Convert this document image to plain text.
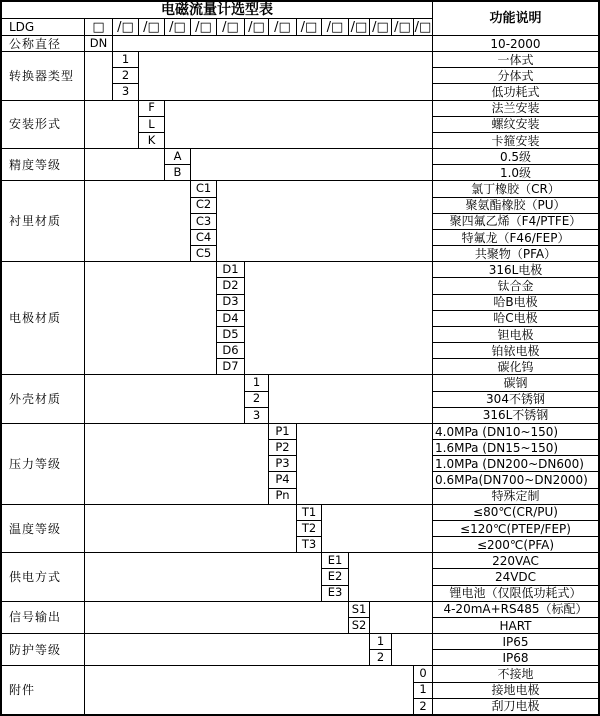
电磁流量计选型表
功能说明
LDG	□ /□ /□ /□ /□ /□ /□ /□ /□ /□ /□ /□ /□ /□
公称直径	DN	10-2000
转换器类型
1	一体式
2	分体式
3	低功耗式
安装形式
F	法兰安装
L	螺纹安装
K	卡箍安装
精度等级
A	0.5级
B	1.0级
衬里材质
C1	氯丁橡胶（CR）
C2	聚氨酯橡胶（PU）
C3	聚四氟乙烯（F4/PTFE）
C4	特氟龙（F46/FEP）
C5	共聚物（PFA）
电极材质
D1	316L电极
D2	钛合金
D3	哈B电极
D4	哈C电极
D5	钽电极
D6	铂铱电极
D7	碳化钨
外壳材质
1	碳钢
2	304不锈钢
3	316L不锈钢
压力等级
P1	4.0MPa (DN10~150)
P2	1.6MPa (DN15~150)
P3	1.0MPa (DN200~DN600)
P4	0.6MPa(DN700~DN2000)
Pn	特殊定制
温度等级
T1	≤80℃(CR/PU)
T2	≤120℃(PTEP/FEP)
T3	≤200℃(PFA)
供电方式
E1	220VAC
E2	24VDC
E3	锂电池（仅限低功耗式）
信号输出
S1	4-20mA+RS485（标配）
S2	HART
防护等级
1	IP65
2	IP68
附件
0	不接地
1	接地电极
2	刮刀电极
